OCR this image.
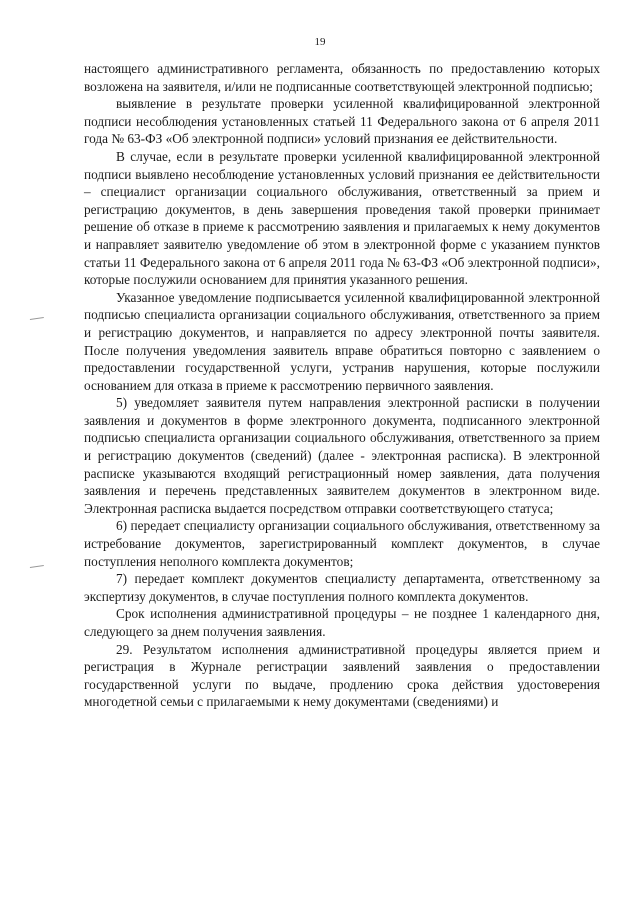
19

настоящего административного регламента, обязанность по предоставлению которых возложена на заявителя, и/или не подписанные соответствующей электронной подписью;

выявление в результате проверки усиленной квалифицированной электронной подписи несоблюдения установленных статьей 11 Федерального закона от 6 апреля 2011 года № 63-ФЗ «Об электронной подписи» условий признания ее действительности.

В случае, если в результате проверки усиленной квалифицированной электронной подписи выявлено несоблюдение установленных условий признания ее действительности – специалист организации социального обслуживания, ответственный за прием и регистрацию документов, в день завершения проведения такой проверки принимает решение об отказе в приеме к рассмотрению заявления и прилагаемых к нему документов и направляет заявителю уведомление об этом в электронной форме с указанием пунктов статьи 11 Федерального закона от 6 апреля 2011 года № 63-ФЗ «Об электронной подписи», которые послужили основанием для принятия указанного решения.

Указанное уведомление подписывается усиленной квалифицированной электронной подписью специалиста организации социального обслуживания, ответственного за прием и регистрацию документов, и направляется по адресу электронной почты заявителя. После получения уведомления заявитель вправе обратиться повторно с заявлением о предоставлении государственной услуги, устранив нарушения, которые послужили основанием для отказа в приеме к рассмотрению первичного заявления.

5) уведомляет заявителя путем направления электронной расписки в получении заявления и документов в форме электронного документа, подписанного электронной подписью специалиста организации социального обслуживания, ответственного за прием и регистрацию документов (сведений) (далее - электронная расписка). В электронной расписке указываются входящий регистрационный номер заявления, дата получения заявления и перечень представленных заявителем документов в электронном виде. Электронная расписка выдается посредством отправки соответствующего статуса;

6) передает специалисту организации социального обслуживания, ответственному за истребование документов, зарегистрированный комплект документов, в случае поступления неполного комплекта документов;

7) передает комплект документов специалисту департамента, ответственному за экспертизу документов, в случае поступления полного комплекта документов.

Срок исполнения административной процедуры – не позднее 1 календарного дня, следующего за днем получения заявления.

29. Результатом исполнения административной процедуры является прием и регистрация в Журнале регистрации заявлений заявления о предоставлении государственной услуги по выдаче, продлению срока действия удостоверения многодетной семьи с прилагаемыми к нему документами (сведениями) и
